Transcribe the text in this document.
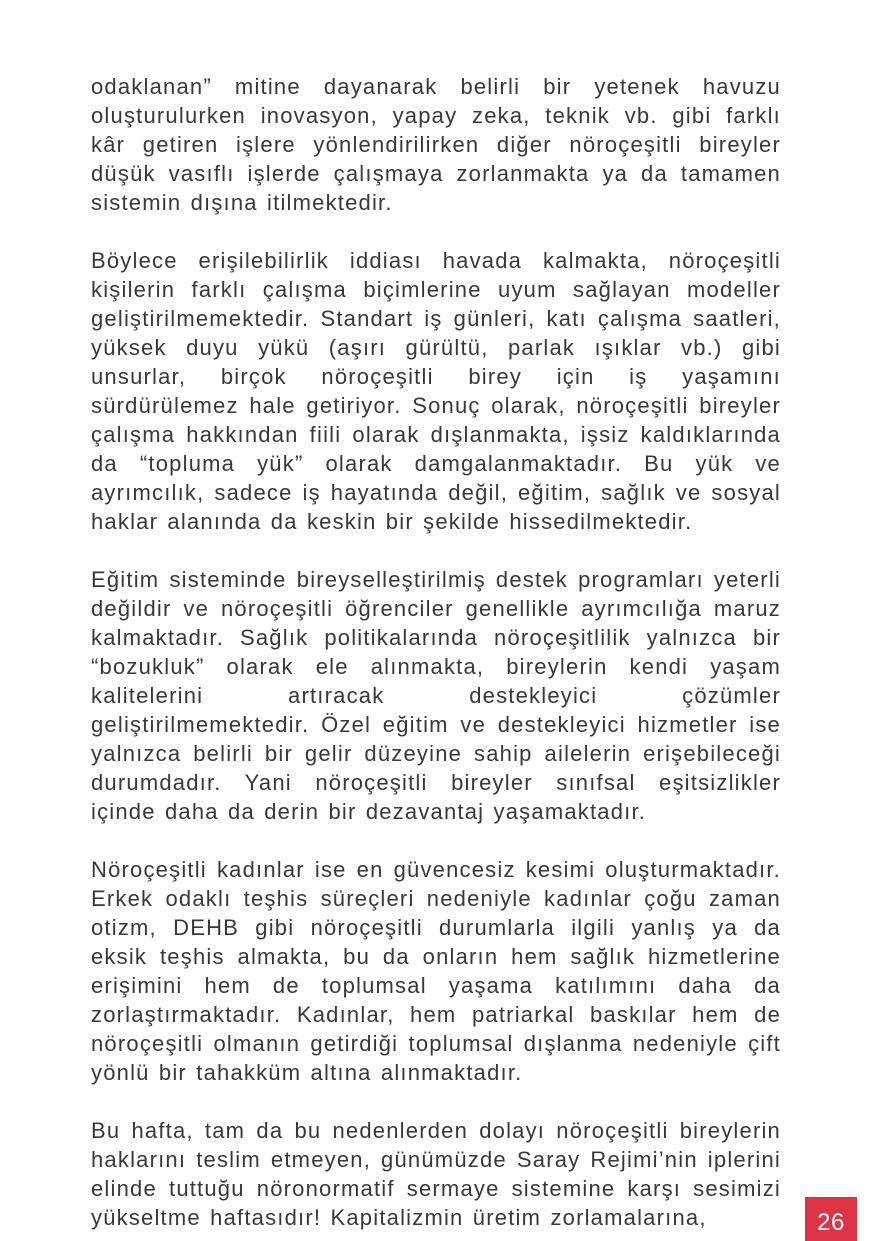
odaklanan” mitine dayanarak belirli bir yetenek havuzu oluşturulurken inovasyon, yapay zeka, teknik vb. gibi farklı kâr getiren işlere yönlendirilirken diğer nöroçeşitli bireyler düşük vasıflı işlerde çalışmaya zorlanmakta ya da tamamen sistemin dışına itilmektedir.

Böylece erişilebilirlik iddiası havada kalmakta, nöroçeşitli kişilerin farklı çalışma biçimlerine uyum sağlayan modeller geliştirilmemektedir. Standart iş günleri, katı çalışma saatleri, yüksek duyu yükü (aşırı gürültü, parlak ışıklar vb.) gibi unsurlar, birçok nöroçeşitli birey için iş yaşamını sürdürülemez hale getiriyor. Sonuç olarak, nöroçeşitli bireyler çalışma hakkından fiili olarak dışlanmakta, işsiz kaldıklarında da “topluma yük” olarak damgalanmaktadır. Bu yük ve ayrımcılık, sadece iş hayatında değil, eğitim, sağlık ve sosyal haklar alanında da keskin bir şekilde hissedilmektedir.

Eğitim sisteminde bireyselleştirilmiş destek programları yeterli değildir ve nöroçeşitli öğrenciler genellikle ayrımcılığa maruz kalmaktadır. Sağlık politikalarında nöroçeşitlilik yalnızca bir “bozukluk” olarak ele alınmakta, bireylerin kendi yaşam kalitelerini artıracak destekleyici çözümler geliştirilmemektedir. Özel eğitim ve destekleyici hizmetler ise yalnızca belirli bir gelir düzeyine sahip ailelerin erişebileceği durumdadır. Yani nöroçeşitli bireyler sınıfsal eşitsizlikler içinde daha da derin bir dezavantaj yaşamaktadır.

Nöroçeşitli kadınlar ise en güvencesiz kesimi oluşturmaktadır. Erkek odaklı teşhis süreçleri nedeniyle kadınlar çoğu zaman otizm, DEHB gibi nöroçeşitli durumlarla ilgili yanlış ya da eksik teşhis almakta, bu da onların hem sağlık hizmetlerine erişimini hem de toplumsal yaşama katılımını daha da zorlaştırmaktadır. Kadınlar, hem patriarkal baskılar hem de nöroçeşitli olmanın getirdiği toplumsal dışlanma nedeniyle çift yönlü bir tahakküm altına alınmaktadır.

Bu hafta, tam da bu nedenlerden dolayı nöroçeşitli bireylerin haklarını teslim etmeyen, günümüzde Saray Rejimi’nin iplerini elinde tuttuğu nöronormatif sermaye sistemine karşı sesimizi yükseltme haftasıdır! Kapitalizmin üretim zorlamalarına,	26
